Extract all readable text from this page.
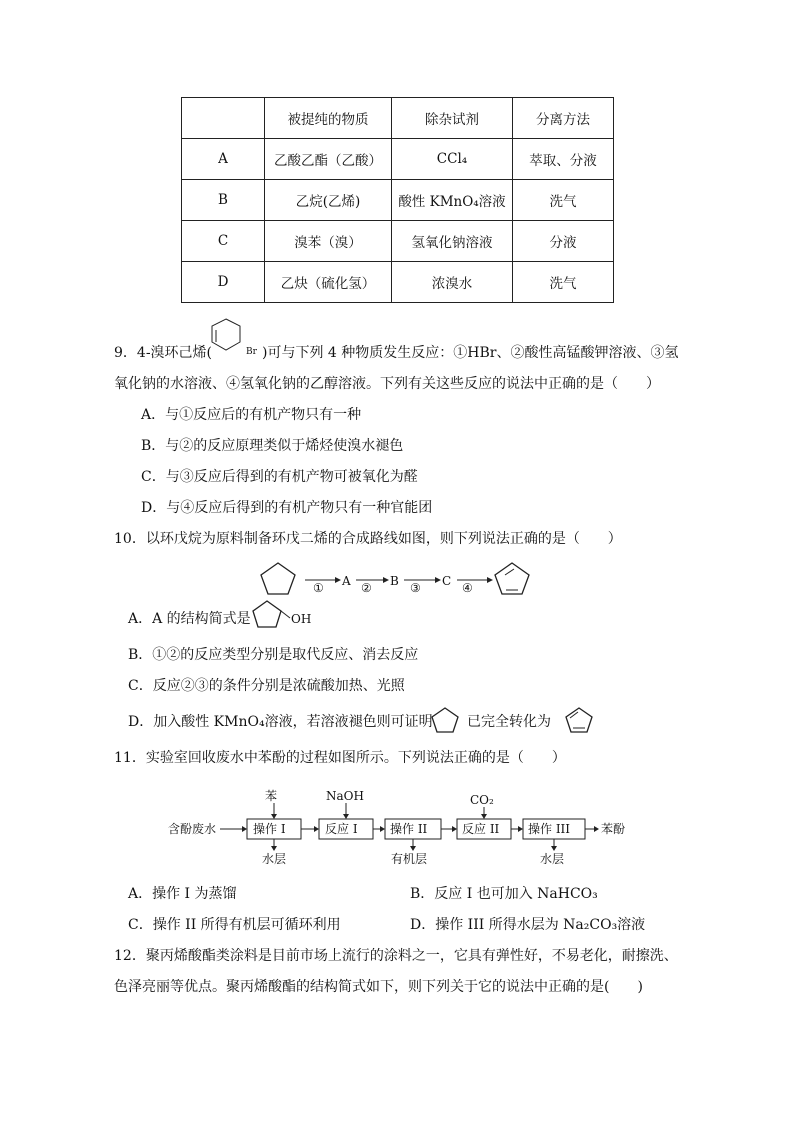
	被提纯的物质	除杂试剂	分离方法
A	乙酸乙酯（乙酸）	CCl₄	萃取、分液
B	乙烷(乙烯)	酸性 KMnO₄溶液	洗气
C	溴苯（溴）	氢氧化钠溶液	分液
D	乙炔（硫化氢）	浓溴水	洗气
9．4-溴环己烯(	Br )可与下列 4 种物质发生反应：①HBr、②酸性高锰酸钾溶液、③氢
氧化钠的水溶液、④氢氧化钠的乙醇溶液。下列有关这些反应的说法中正确的是（　　）
A．与①反应后的有机产物只有一种
B．与②的反应原理类似于烯烃使溴水褪色
C．与③反应后得到的有机产物可被氧化为醛
D．与④反应后得到的有机产物只有一种官能团
10．以环戊烷为原料制备环戊二烯的合成路线如图，则下列说法正确的是（　　）
① A ② B ③ C ④
A．A 的结构简式是	OH
B．①②的反应类型分别是取代反应、消去反应
C．反应②③的条件分别是浓硫酸加热、光照
D．加入酸性 KMnO₄溶液，若溶液褪色则可证明 已完全转化为
11．实验室回收废水中苯酚的过程如图所示。下列说法正确的是（　　）
含酚废水	操作 I
苯
水层
反应 I
NaOH
操作 II
有机层
反应 II
CO₂
操作 III
水层
苯酚
A．操作 I 为蒸馏	B．反应 I 也可加入 NaHCO₃
C．操作 II 所得有机层可循环利用	D．操作 III 所得水层为 Na₂CO₃溶液
12．聚丙烯酸酯类涂料是目前市场上流行的涂料之一，它具有弹性好，不易老化，耐擦洗、
色泽亮丽等优点。聚丙烯酸酯的结构简式如下，则下列关于它的说法中正确的是(　　)
